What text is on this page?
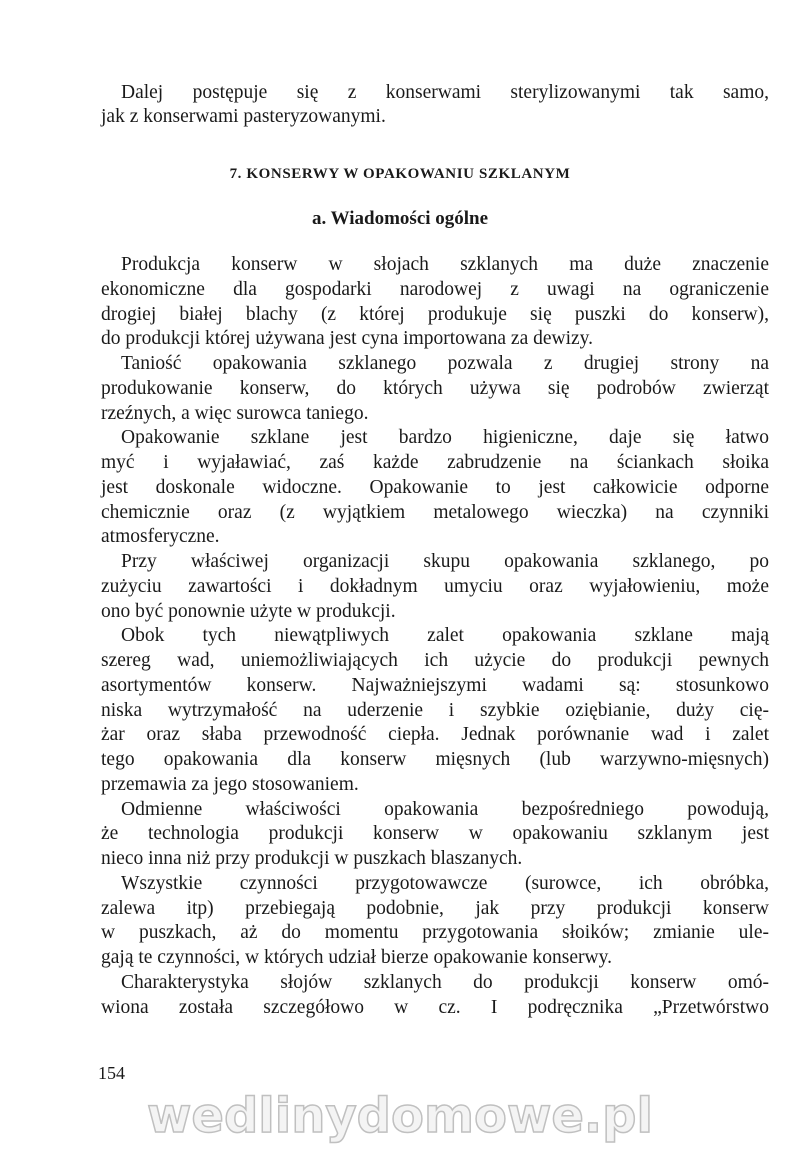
Dalej postępuje się z konserwami sterylizowanymi tak samo,
jak z konserwami pasteryzowanymi.
7. KONSERWY W OPAKOWANIU SZKLANYM
a. Wiadomości ogólne
Produkcja konserw w słojach szklanych ma duże znaczenie
ekonomiczne dla gospodarki narodowej z uwagi na ograniczenie
drogiej białej blachy (z której produkuje się puszki do konserw),
do produkcji której używana jest cyna importowana za dewizy.
Taniość opakowania szklanego pozwala z drugiej strony na
produkowanie konserw, do których używa się podrobów zwierząt
rzeźnych, a więc surowca taniego.
Opakowanie szklane jest bardzo higieniczne, daje się łatwo
myć i wyjaławiać, zaś każde zabrudzenie na ściankach słoika
jest doskonale widoczne. Opakowanie to jest całkowicie odporne
chemicznie oraz (z wyjątkiem metalowego wieczka) na czynniki
atmosferyczne.
Przy właściwej organizacji skupu opakowania szklanego, po
zużyciu zawartości i dokładnym umyciu oraz wyjałowieniu, może
ono być ponownie użyte w produkcji.
Obok tych niewątpliwych zalet opakowania szklane mają
szereg wad, uniemożliwiających ich użycie do produkcji pewnych
asortymentów konserw. Najważniejszymi wadami są: stosunkowo
niska wytrzymałość na uderzenie i szybkie oziębianie, duży cię-
żar oraz słaba przewodność ciepła. Jednak porównanie wad i zalet
tego opakowania dla konserw mięsnych (lub warzywno-mięsnych)
przemawia za jego stosowaniem.
Odmienne właściwości opakowania bezpośredniego powodują,
że technologia produkcji konserw w opakowaniu szklanym jest
nieco inna niż przy produkcji w puszkach blaszanych.
Wszystkie czynności przygotowawcze (surowce, ich obróbka,
zalewa itp) przebiegają podobnie, jak przy produkcji konserw
w puszkach, aż do momentu przygotowania słoików; zmianie ule-
gają te czynności, w których udział bierze opakowanie konserwy.
Charakterystyka słojów szklanych do produkcji konserw omó-
wiona została szczegółowo w cz. I podręcznika „Przetwórstwo
154
wedlinydomowe.pl
